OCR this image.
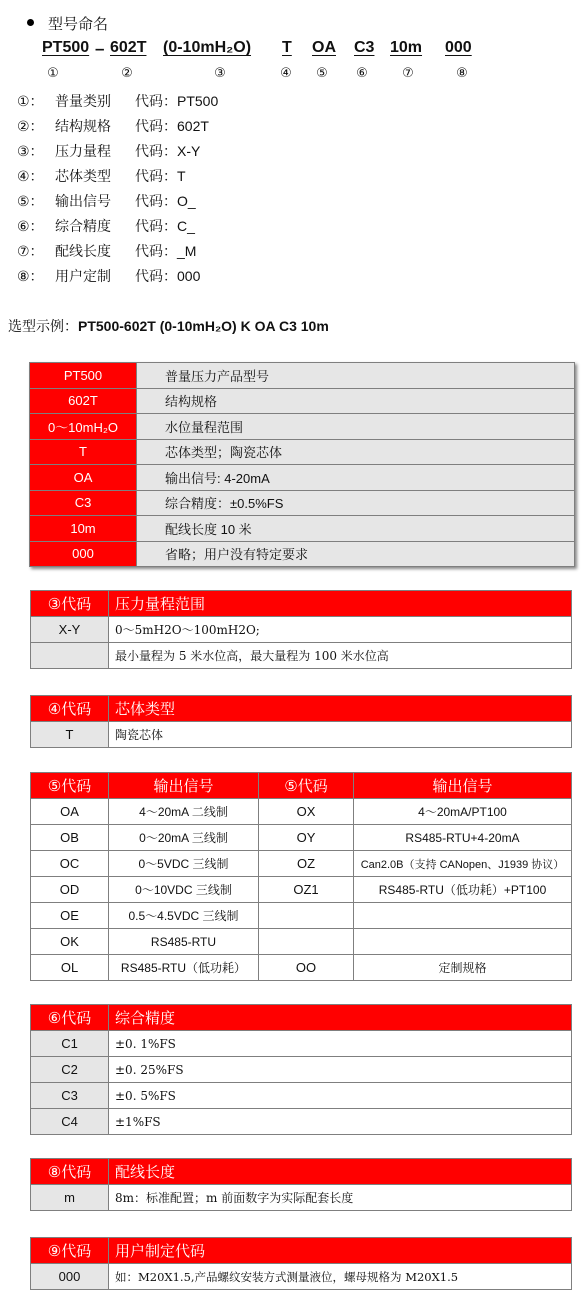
型号命名
PT500 – 602T (0-10mH₂O) T OA C3 10m 000
①	②	③	④	⑤	⑥	⑦	⑧
①： 普量类别 代码：PT500
②： 结构规格 代码：602T
③： 压力量程 代码：X-Y
④： 芯体类型 代码：T
⑤： 输出信号 代码：O_
⑥： 综合精度 代码：C_
⑦： 配线长度 代码：_M
⑧： 用户定制 代码：000
选型示例：PT500-602T (0-10mH₂O) K OA C3 10m
PT500	普量压力产品型号
602T	结构规格
0～10mH₂O	水位量程范围
T	芯体类型；陶瓷芯体
OA	输出信号: 4-20mA
C3	综合精度：±0.5%FS
10m	配线长度 10 米
000	省略；用户没有特定要求
③代码	压力量程范围
X-Y	0～5mH2O～100mH2O;
	最小量程为 5 米水位高，最大量程为 100 米水位高
④代码	芯体类型
T	陶瓷芯体
⑤代码	输出信号	⑤代码	输出信号
OA	4～20mA 二线制	OX	4～20mA/PT100
OB	0～20mA 三线制	OY	RS485-RTU+4-20mA
OC	0～5VDC 三线制	OZ	Can2.0B（支持 CANopen、J1939 协议）
OD	0～10VDC 三线制	OZ1	RS485-RTU（低功耗）+PT100
OE	0.5～4.5VDC 三线制		
OK	RS485-RTU		
OL	RS485-RTU（低功耗）	OO	定制规格
⑥代码	综合精度
C1	±0. 1%FS
C2	±0. 25%FS
C3	±0. 5%FS
C4	±1%FS
⑧代码	配线长度
m	8m：标准配置；m 前面数字为实际配套长度
⑨代码	用户制定代码
000	如：M20X1.5,产品螺纹安装方式测量液位，螺母规格为 M20X1.5
